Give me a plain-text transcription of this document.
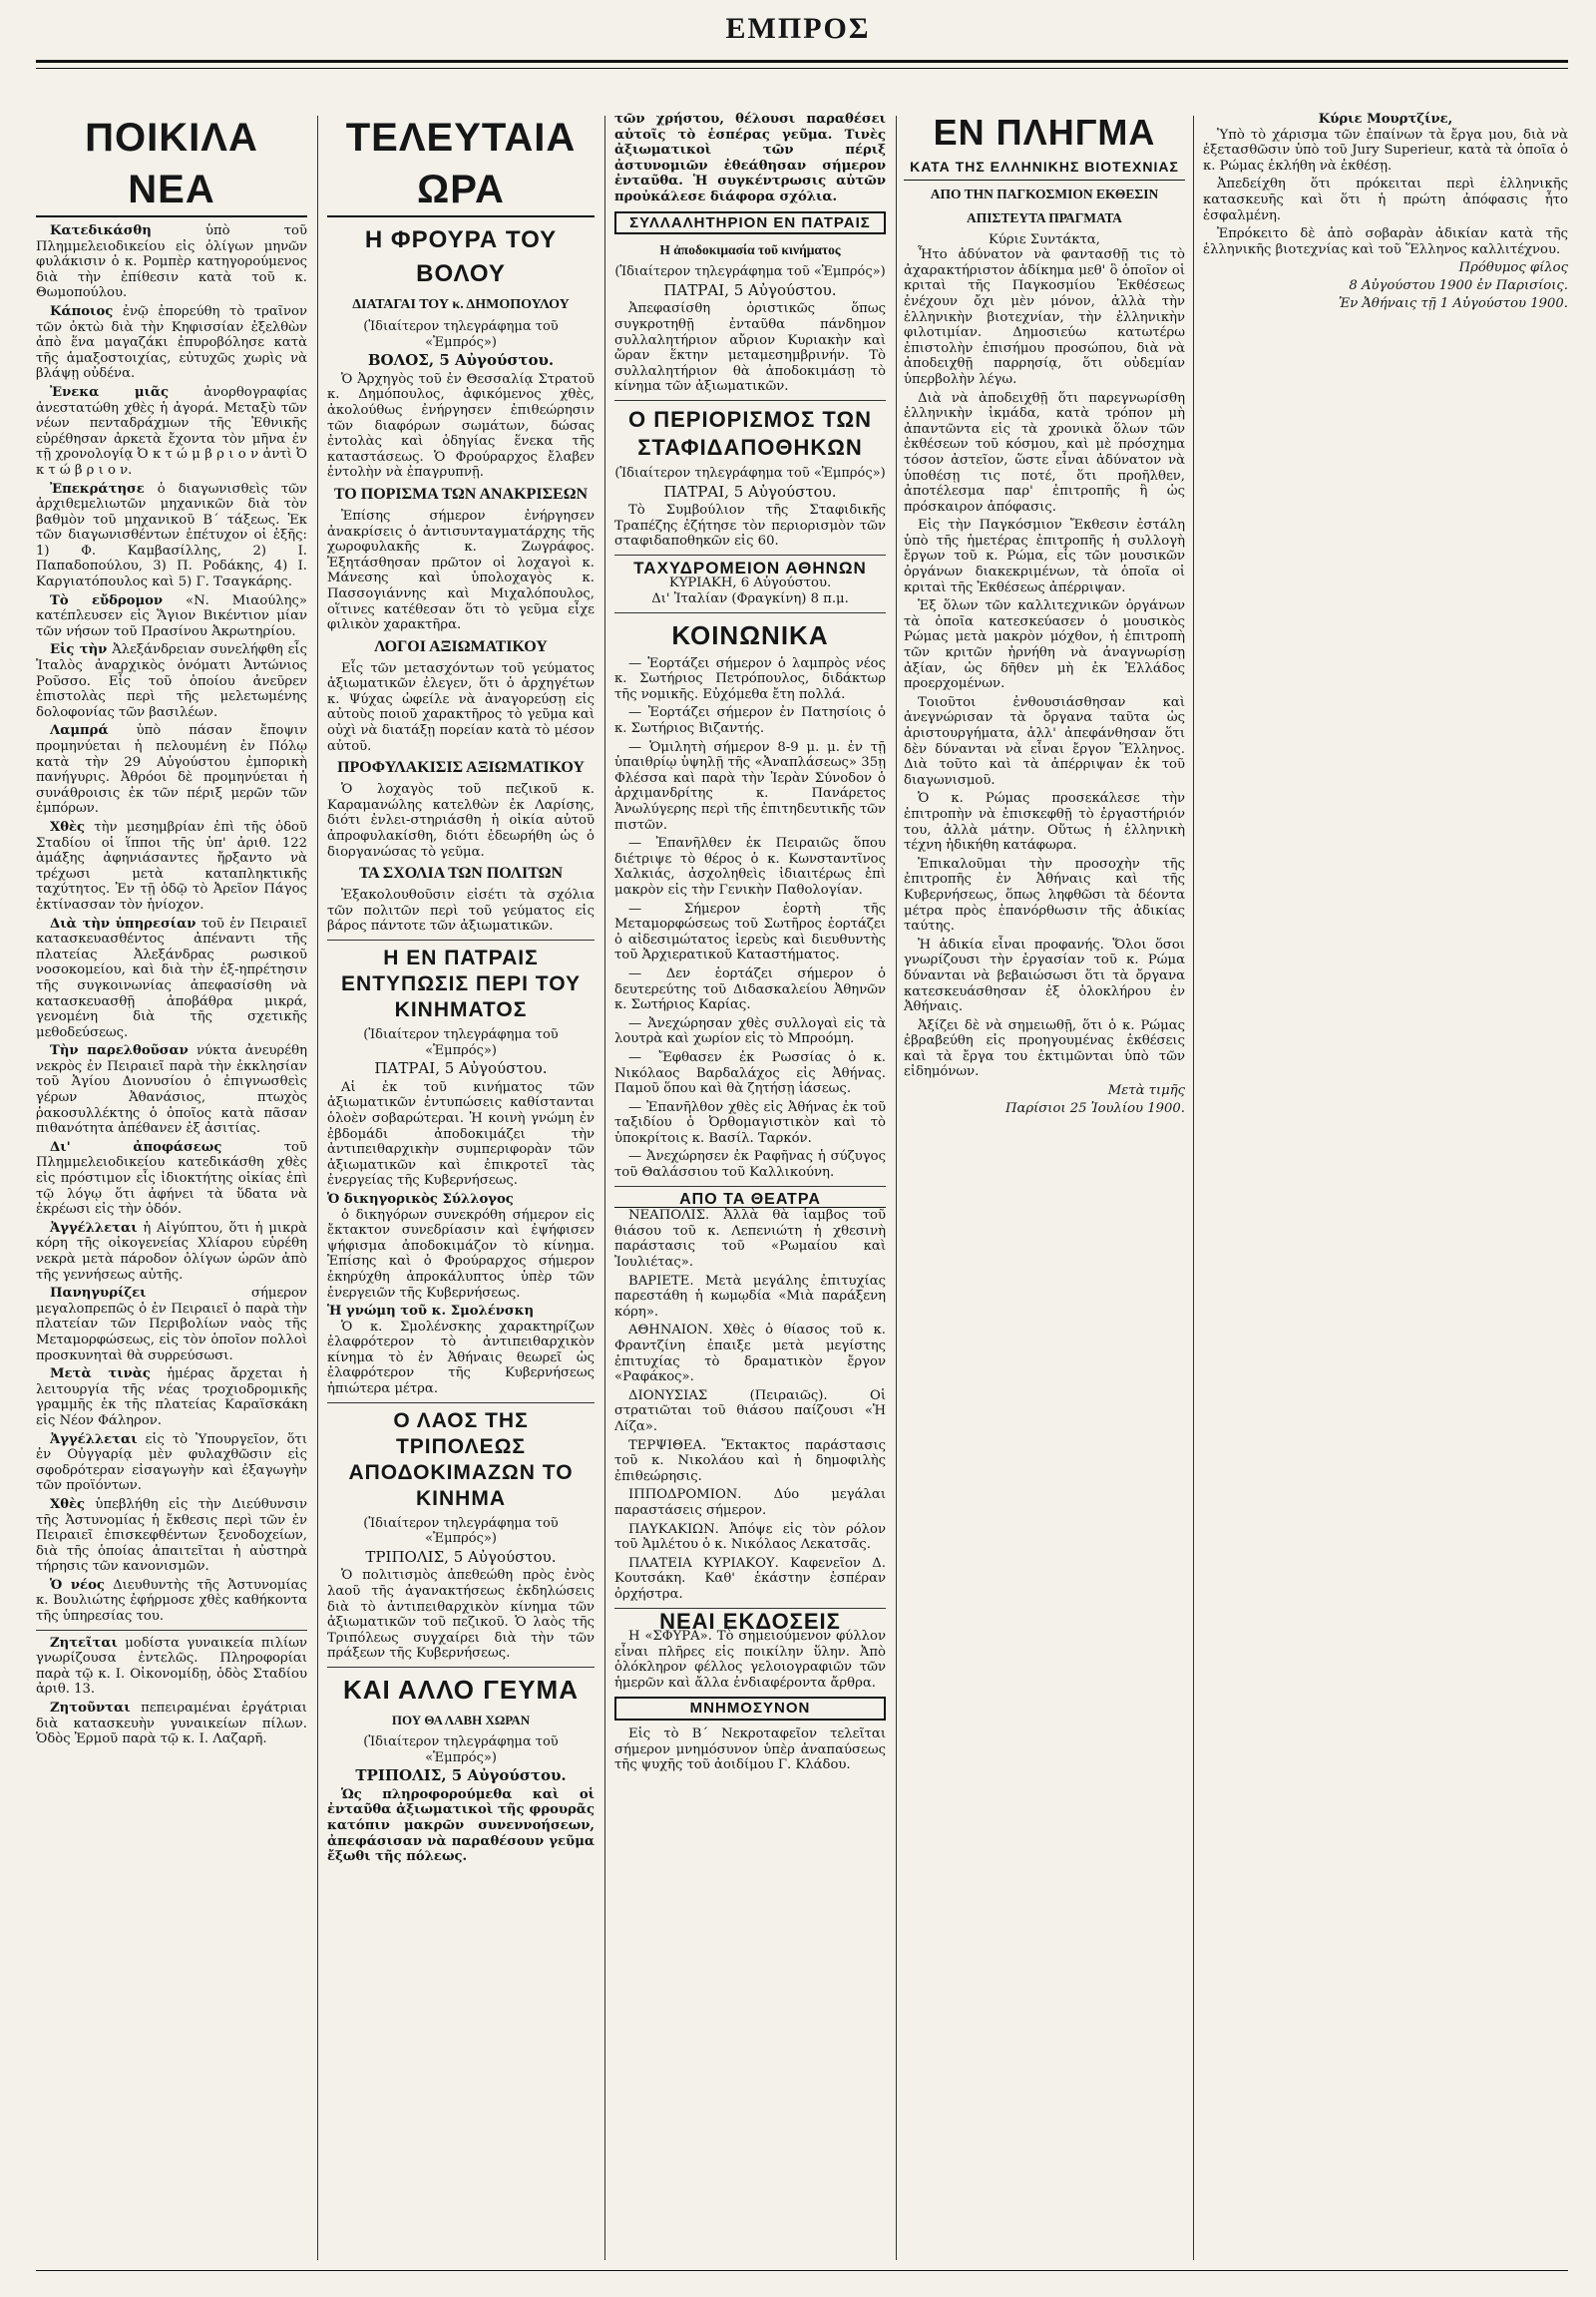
ΕΜΠΡΟΣ
ΠΟΙΚΙΛΑ ΝΕΑ

Κατεδικάσθη	ὑπὸ τοῦ Πλημμελειοδικείου εἰς ὀλίγων μηνῶν φυλάκισιν ὁ κ. Ρομπὲρ κατηγορούμενος διὰ τὴν ἐπίθεσιν κατὰ τοῦ κ. Θωμοπούλου.

Κάποιος ἐνῷ ἐπορεύθη τὸ τραῖνον τῶν ὀκτὼ διὰ τὴν Κηφισσίαν ἐξελθὼν ἀπὸ ἕνα μαγαζάκι ἐπυροβόλησε κατὰ τῆς ἁμαξοστοιχίας, εὐτυχῶς χωρὶς νὰ βλάψῃ οὐδένα.

Ἐνεκα μιᾶς	ἀνορθογραφίας ἀνεστατώθη χθὲς ἡ ἀγορά. Μεταξὺ τῶν νέων πενταδράχμων τῆς Ἐθνικῆς εὑρέθησαν ἀρκετὰ ἔχοντα τὸν μῆνα ἐν τῇ χρονολογίᾳ Ὀ κ τ ώ μ β ρ ι ο ν ἀντὶ Ὀ κ τ ώ β ρ ι ο ν.

Ἐπεκράτησε ὁ διαγωνισθεὶς τῶν ἀρχιθεμελιωτῶν μηχανικῶν διὰ τὸν βαθμὸν τοῦ μηχανικοῦ Β΄ τάξεως. Ἐκ τῶν διαγωνισθέντων ἐπέτυχον οἱ ἑξῆς: 1) Φ. Καμβασίλλης, 2) Ι. Παπαδοπούλου, 3) Π. Ροδάκης, 4) Ι. Καργιατόπουλος καὶ 5) Γ. Τσαγκάρης.

Τὸ εὔδρομον «Ν. Μιαούλης» κατέπλευσεν εἰς Ἅγιον Βικέντιον μίαν τῶν νήσων τοῦ Πρασίνου Ἀκρωτηρίου.

Εἰς τὴν Ἀλεξάνδρειαν συνελήφθη εἷς Ἰταλὸς ἀναρχικὸς ὀνόματι Ἀντώνιος Ροῦσσο. Εἶς τοῦ ὁποίου ἀνεῦρεν ἐπιστολὰς περὶ τῆς μελετωμένης δολοφονίας τῶν βασιλέων.

Λαμπρά ὑπὸ πάσαν ἔποψιν προμηνύεται ἡ πελουμένη ἐν Πόλῳ κατὰ τὴν 29 Αὐγούστου ἐμπορικὴ πανήγυρις. Ἀθρόοι δὲ προμηνύεται ἡ συνάθροισις ἐκ τῶν πέριξ μερῶν τῶν ἐμπόρων.

Χθὲς τὴν μεσημβρίαν ἐπὶ τῆς ὁδοῦ Σταδίου οἱ ἵπποι τῆς ὑπ' ἀριθ. 122 ἁμάξης ἀφηνιάσαντες ἤρξαντο νὰ τρέχωσι μετὰ καταπληκτικῆς ταχύτητος. Ἐν τῇ ὁδῷ τὸ Ἀρεῖον Πάγος ἐκτίνασσαν τὸν ἡνίοχον.

Διὰ τὴν ὑπηρεσίαν τοῦ ἐν Πειραιεῖ κατασκευασθέντος ἀπέναντι τῆς πλατείας Ἀλεξάνδρας ρωσικοῦ νοσοκομείου, καὶ διὰ τὴν ἐξ-ηπρέτησιν τῆς συγκοινωνίας ἀπεφασίσθη νὰ κατασκευασθῇ ἀποβάθρα μικρά, γενομένη διὰ τῆς σχετικῆς μεθοδεύσεως.

Τὴν παρελθοῦσαν νύκτα ἀνευρέθη νεκρὸς ἐν Πειραιεῖ παρὰ τὴν ἐκκλησίαν τοῦ Ἁγίου Διονυσίου ὁ ἐπιγνωσθεὶς γέρων Ἀθανάσιος, πτωχὸς ῥακοσυλλέκτης ὁ ὁποῖος κατὰ πᾶσαν πιθανότητα ἀπέθανεν ἐξ ἀσιτίας.

Δι' ἀποφάσεως	τοῦ Πλημμελειοδικείου κατεδικάσθη χθὲς εἰς πρόστιμον εἷς ἰδιοκτήτης οἰκίας ἐπὶ τῷ λόγῳ ὅτι ἀφήνει τὰ ὕδατα νὰ ἐκρέωσι εἰς τὴν ὁδόν.

Ἀγγέλλεται ἡ Αἰγύπτου, ὅτι ἡ μικρὰ κόρη τῆς οἰκογενείας Χλίαρου εὑρέθη νεκρὰ μετὰ πάροδον ὀλίγων ὡρῶν ἀπὸ τῆς γεννήσεως αὐτῆς.

Πανηγυρίζει	σήμερον μεγαλοπρεπῶς ὁ ἐν Πειραιεῖ ὁ παρὰ τὴν πλατείαν τῶν Περιβολίων ναὸς τῆς Μεταμορφώσεως, εἰς τὸν ὁποῖον πολλοὶ προσκυνηταὶ θὰ συρρεύσωσι.

Μετὰ τινὰς ἡμέρας ἄρχεται ἡ λειτουργία τῆς νέας τροχιοδρομικῆς γραμμῆς ἐκ τῆς πλατείας Καραϊσκάκη εἰς Νέον Φάληρον.

Ἀγγέλλεται εἰς τὸ Ὑπουργεῖον, ὅτι ἐν Οὐγγαρίᾳ μὲν φυλαχθῶσιν εἰς σφοδρότεραν εἰσαγωγὴν καὶ ἐξαγωγὴν τῶν προϊόντων.

Χθὲς ὑπεβλήθη εἰς τὴν Διεύθυνσιν τῆς Ἀστυνομίας ἡ ἔκθεσις περὶ τῶν ἐν Πειραιεῖ ἐπισκεφθέντων ξενοδοχείων, διὰ τῆς ὁποίας ἀπαιτεῖται ἡ αὐστηρὰ τήρησις τῶν κανονισμῶν.

Ὁ νέος Διευθυντὴς τῆς Ἀστυνομίας κ. Βουλιώτης ἐφήρμοσε χθὲς καθήκοντα τῆς ὑπηρεσίας του.

Ζητεῖται μοδίστα γυναικεία πιλίων γνωρίζουσα ἐντελῶς. Πληροφορίαι παρὰ τῷ κ. Ι. Οἰκονομίδῃ, ὁδὸς Σταδίου ἀριθ. 13.

Ζητοῦνται πεπειραμέναι ἐργάτριαι διὰ κατασκευὴν γυναικείων πίλων. Ὁδὸς Ἑρμοῦ παρὰ τῷ κ. Ι. Λαζαρῆ.

ΤΕΛΕΥΤΑΙΑ ΩΡΑ
Η ΦΡΟΥΡΑ ΤΟΥ ΒΟΛΟΥ
ΔΙΑΤΑΓΑΙ ΤΟΥ κ. ΔΗΜΟΠΟΥΛΟΥ
(Ἰδιαίτερον τηλεγράφημα τοῦ «Ἐμπρός»)
ΒΟΛΟΣ, 5 Αὐγούστου.

Ὁ Ἀρχηγὸς τοῦ ἐν Θεσσαλίᾳ Στρατοῦ κ. Δημόπουλος, ἀφικόμενος χθὲς, ἀκολούθως ἐνήργησεν ἐπιθεώρησιν τῶν διαφόρων σωμάτων, δώσας ἐντολὰς καὶ ὁδηγίας ἕνεκα τῆς καταστάσεως. Ὁ Φρούραρχος ἔλαβεν ἐντολὴν νὰ ἐπαγρυπνῇ.

ΤΟ ΠΟΡΙΣΜΑ ΤΩΝ ΑΝΑΚΡΙΣΕΩΝ

Ἐπίσης σήμερον ἐνήργησεν ἀνακρίσεις ὁ ἀντισυνταγματάρχης τῆς χωροφυλακῆς κ. Ζωγράφος. Ἐξητάσθησαν πρῶτον οἱ λοχαγοὶ κ. Μάνεσης καὶ ὑπολοχαγὸς κ. Πασσογιάννης καὶ Μιχαλόπουλος, οἵτινες κατέθεσαν ὅτι τὸ γεῦμα εἶχε φιλικὸν χαρακτῆρα.

ΛΟΓΟΙ ΑΞΙΩΜΑΤΙΚΟΥ

Εἷς τῶν μετασχόντων τοῦ γεύματος ἀξιωματικῶν ἐλεγεν, ὅτι ὁ ἀρχηγέτων κ. Ψύχας ὠφείλε νὰ ἀναγορεύσῃ εἰς αὐτοὺς ποιοῦ χαρακτῆρος τὸ γεῦμα καὶ οὐχὶ νὰ διατάξῃ πορείαν κατὰ τὸ μέσον αὐτοῦ.

ΠΡΟΦΥΛΑΚΙΣΙΣ ΑΞΙΩΜΑΤΙΚΟΥ

Ὁ λοχαγὸς τοῦ πεζικοῦ κ. Καραμανώλης κατελθὼν ἐκ Λαρίσης, διότι ἐνλει-στηριάσθη ἡ οἰκία αὐτοῦ ἀπροφυλακίσθη, διότι ἐδεωρήθη ὡς ὁ διοργανώσας τὸ γεῦμα.

ΤΑ ΣΧΟΛΙΑ ΤΩΝ ΠΟΛΙΤΩΝ

Ἐξακολουθοῦσιν εἰσέτι τὰ σχόλια τῶν πολιτῶν περὶ τοῦ γεύματος εἰς βάρος πάντοτε τῶν ἀξιωματικῶν.

Η ΕΝ ΠΑΤΡΑΙΣ ΕΝΤΥΠΩΣΙΣ ΠΕΡΙ ΤΟΥ ΚΙΝΗΜΑΤΟΣ
(Ἰδιαίτερον τηλεγράφημα τοῦ «Ἐμπρός»)
ΠΑΤΡΑΙ, 5 Αὐγούστου.

Αἱ ἐκ τοῦ κινήματος τῶν ἀξιωματικῶν ἐντυπώσεις καθίστανται ὁλοὲν σοβαρώτεραι. Ἡ κοινὴ γνώμη ἐν ἐβδομάδι ἀποδοκιμάζει τὴν ἀντιπειθαρχικὴν συμπεριφορὰν τῶν ἀξιωματικῶν καὶ ἐπικροτεῖ τὰς ἐνεργείας τῆς Κυβερνήσεως.

Ὁ δικηγορικὸς Σύλλογος

ὁ δικηγόρων συνεκρόθη σήμερον εἰς ἔκτακτον συνεδρίασιν καὶ ἐψήφισεν ψήφισμα ἀποδοκιμάζον τὸ κίνημα. Ἐπίσης καὶ ὁ Φρούραρχος σήμερον ἐκηρύχθη ἀπροκάλυπτος ὑπὲρ τῶν ἐνεργειῶν τῆς Κυβερνήσεως.

Ἡ γνώμη τοῦ κ. Σμολένσκη

Ὁ κ. Σμολένσκης χαρακτηρίζων ἐλαφρότερον τὸ ἀντιπειθαρχικὸν κίνημα τὸ ἐν Ἀθήναις θεωρεῖ ὡς ἐλαφρότερον τῆς Κυβερνήσεως ἠπιώτερα μέτρα.

Ο ΛΑΟΣ ΤΗΣ ΤΡΙΠΟΛΕΩΣ ΑΠΟΔΟΚΙΜΑΖΩΝ ΤΟ ΚΙΝΗΜΑ
(Ἰδιαίτερον τηλεγράφημα τοῦ «Ἐμπρός»)
ΤΡΙΠΟΛΙΣ, 5 Αὐγούστου.

Ὁ πολιτισμὸς ἀπεθεώθη πρὸς ἐνὸς λαοῦ τῆς ἀγανακτήσεως ἐκδηλώσεις διὰ τὸ ἀντιπειθαρχικὸν κίνημα τῶν ἀξιωματικῶν τοῦ πεζικοῦ. Ὁ λαὸς τῆς Τριπόλεως συγχαίρει διὰ τὴν τῶν πράξεων τῆς Κυβερνήσεως.

ΚΑΙ ΑΛΛΟ ΓΕΥΜΑ
ΠΟΥ ΘΑ ΛΑΒΗ ΧΩΡΑΝ
(Ἰδιαίτερον τηλεγράφημα τοῦ «Ἐμπρός»)
ΤΡΙΠΟΛΙΣ, 5 Αὐγούστου.

Ὡς πληροφορούμεθα καὶ οἱ ἐνταῦθα ἀξιωματικοὶ τῆς φρουρᾶς κατόπιν μακρῶν συνεννοήσεων, ἀπεφάσισαν νὰ παραθέσουν γεῦμα ἔξωθι τῆς πόλεως.

τῶν χρήστου, θέλουσι παραθέσει αὐτοῖς τὸ ἑσπέρας γεῦμα. Τινὲς ἀξιωματικοὶ τῶν πέριξ ἀστυνομιῶν ἐθεάθησαν σήμερον ἐνταῦθα. Ἡ συγκέντρωσις αὐτῶν προὐκάλεσε διάφορα σχόλια.

ΣΥΛΛΑΛΗΤΗΡΙΟΝ ΕΝ ΠΑΤΡΑΙΣ
Η ἀποδοκιμασία τοῦ κινήματος
(Ἰδιαίτερον τηλεγράφημα τοῦ «Ἐμπρός»)
ΠΑΤΡΑΙ, 5 Αὐγούστου.

Ἀπεφασίσθη ὁριστικῶς ὅπως συγκροτηθῇ ἐνταῦθα πάνδημον συλλαλητήριον αὔριον Κυριακὴν καὶ ὥραν ἕκτην μεταμεσημβρινήν. Τὸ συλλαλητήριον θὰ ἀποδοκιμάσῃ τὸ κίνημα τῶν ἀξιωματικῶν.

Ο ΠΕΡΙΟΡΙΣΜΟΣ ΤΩΝ ΣΤΑΦΙΔΑΠΟΘΗΚΩΝ
(Ἰδιαίτερον τηλεγράφημα τοῦ «Ἐμπρός»)
ΠΑΤΡΑΙ, 5 Αὐγούστου.

Τὸ Συμβούλιον τῆς Σταφιδικῆς Τραπέζης ἐζήτησε τὸν περιορισμὸν τῶν σταφιδαποθηκῶν εἰς 60.

ΤΑΧΥΔΡΟΜΕΙΟΝ ΑΘΗΝΩΝ
ΚΥΡΙΑΚΗ, 6 Αὐγούστου.
Δι' Ἰταλίαν (Φραγκίνη) 8 π.μ.
ΚΟΙΝΩΝΙΚΑ

— Ἑορτάζει σήμερον ὁ λαμπρὸς νέος κ. Σωτήριος Πετρόπουλος, διδάκτωρ τῆς νομικῆς. Εὐχόμεθα ἔτη πολλά.

— Ἑορτάζει σήμερον ἐν Πατησίοις ὁ κ. Σωτήριος Βιζαντής.

— Ὁμιλητὴ σήμερον 8-9 μ. μ. ἐν τῇ ὑπαιθρίῳ ὑψηλῇ τῆς «Ἀναπλάσεως» 35ῃ Φλέσσα καὶ παρὰ τὴν Ἱερὰν Σύνοδον ὁ ἀρχιμανδρίτης κ. Πανάρετος Ἀνωλύγερης περὶ τῆς ἐπιτηδευτικῆς τῶν πιστῶν.

— Ἐπανῆλθεν ἐκ Πειραιῶς ὅπου διέτριψε τὸ θέρος ὁ κ. Κωνσταντῖνος Χαλκιάς, ἀσχοληθεὶς ἰδιαιτέρως ἐπὶ μακρὸν εἰς τὴν Γενικὴν Παθολογίαν.

— Σήμερον ἑορτὴ τῆς Μεταμορφώσεως τοῦ Σωτῆρος ἑορτάζει ὁ αἰδεσιμώτατος ἱερεὺς καὶ διευθυντὴς τοῦ Ἀρχιερατικοῦ Καταστήματος.

— Δεν ἑορτάζει σήμερον ὁ δευτερεύτης τοῦ Διδασκαλείου Ἀθηνῶν κ. Σωτήριος Καρίας.

— Ἀνεχώρησαν χθὲς συλλογαὶ εἰς τὰ λουτρὰ καὶ χωρίον εἰς τὸ Μπροόμη.

— Ἔφθασεν ἐκ Ρωσσίας ὁ κ. Νικόλαος Βαρδαλάχος εἰς Ἀθήνας. Παμοῦ ὅπου καὶ θὰ ζητήσῃ ἰάσεως.

— Ἐπανῆλθον χθὲς εἰς Ἀθήνας ἐκ τοῦ ταξιδίου ὁ Ὀρθομαγιστικὸν καὶ τὸ ὑποκρίτοις κ. Βασίλ. Ταρκόν.

— Ἀνεχώρησεν ἐκ Ραφῆνας ἡ σύζυγος τοῦ Θαλάσσιου τοῦ Καλλικούνη.

ΑΠΟ ΤΑ ΘΕΑΤΡΑ

ΝΕΑΠΟΛΙΣ. Ἀλλὰ θὰ ἱαμβος τοῦ θιάσου τοῦ κ. Λεπενιώτη ἡ χθεσινὴ παράστασις τοῦ «Ρωμαίου καὶ Ἰουλιέτας».

ΒΑΡΙΕΤΕ. Μετὰ μεγάλης ἐπιτυχίας παρεστάθη ἡ κωμῳδία «Μιὰ παράξενη κόρη».

ΑΘΗΝΑΙΟΝ. Χθὲς ὁ θίασος τοῦ κ. Φραντζίνη ἐπαιξε μετὰ μεγίστης ἐπιτυχίας τὸ δραματικὸν ἔργον «Ραφάκος».

ΔΙΟΝΥΣΙΑΣ (Πειραιῶς). Οἱ στρατιῶται τοῦ θιάσου παίζουσι «Ἡ Λίζα».

ΤΕΡΨΙΘΕΑ. Ἔκτακτος παράστασις τοῦ κ. Νικολάου καὶ ἡ δημοφιλὴς ἐπιθεώρησις.

ΙΠΠΟΔΡΟΜΙΟΝ. Δύο μεγάλαι παραστάσεις σήμερον.

ΠΑΥΚΑΚΙΩΝ. Ἀπόψε εἰς τὸν ρόλον τοῦ Ἀμλέτου ὁ κ. Νικόλαος Λεκατσᾶς.

ΠΛΑΤΕΙΑ ΚΥΡΙΑΚΟΥ. Καφενεῖον Δ. Κουτσάκη. Καθ' ἑκάστην ἑσπέραν ὀρχήστρα.

ΝΕΑΙ ΕΚΔΟΣΕΙΣ

Η «ΣΦΥΡΑ». Τὸ σημειούμενον φύλλον εἶναι πλῆρες εἰς ποικίλην ὕλην. Ἀπὸ ὁλόκληρον φέλλος γελοιογραφιῶν τῶν ἡμερῶν καὶ ἄλλα ἐνδιαφέροντα ἄρθρα.

ΜΝΗΜΟΣΥΝΟΝ

Εἰς τὸ Β΄ Νεκροταφεῖον τελεῖται σήμερον μνημόσυνον ὑπὲρ ἀναπαύσεως τῆς ψυχῆς τοῦ ἀοιδίμου Γ. Κλάδου.

ΕΝ ΠΛΗΓΜΑ
ΚΑΤΑ ΤΗΣ ΕΛΛΗΝΙΚΗΣ ΒΙΟΤΕΧΝΙΑΣ
ΑΠΟ ΤΗΝ ΠΑΓΚΟΣΜΙΟΝ ΕΚΘΕΣΙΝ
ΑΠΙΣΤΕΥΤΑ ΠΡΑΓΜΑΤΑ
Κύριε Συντάκτα,

Ἦτο ἀδύνατον νὰ φαντασθῇ τις τὸ ἀχαρακτήριστον ἀδίκημα μεθ' ὃ ὁποῖον οἱ κριταὶ τῆς Παγκοσμίου Ἐκθέσεως ἐνέχουν ὄχι μὲν μόνον, ἀλλὰ τὴν ἑλληνικὴν βιοτεχνίαν, τὴν ἑλληνικὴν φιλοτιμίαν. Δημοσιεύω κατωτέρω ἐπιστολὴν ἐπισήμου προσώπου, διὰ νὰ ἀποδειχθῇ παρρησίᾳ, ὅτι οὐδεμίαν ὑπερβολὴν λέγω.

Διὰ νὰ ἀποδειχθῇ ὅτι παρεγνωρίσθη ἑλληνικὴν ἰκμάδα, κατὰ τρόπον μὴ ἀπαντῶντα εἰς τὰ χρονικὰ ὅλων τῶν ἐκθέσεων τοῦ κόσμου, καὶ μὲ πρόσχημα τόσον ἀστεῖον, ὥστε εἶναι ἀδύνατον νὰ ὑποθέσῃ τις ποτέ, ὅτι προῆλθεν, ἀποτέλεσμα παρ' ἐπιτροπῆς ἢ ὡς πρόσκαιρον ἀπόφασις.

Εἰς τὴν Παγκόσμιον Ἔκθεσιν ἐστάλη ὑπὸ τῆς ἡμετέρας ἐπιτροπῆς ἡ συλλογὴ ἔργων τοῦ κ. Ρώμα, εἷς τῶν μουσικῶν ὀργάνων διακεκριμένων, τὰ ὁποῖα οἱ κριταὶ τῆς Ἐκθέσεως ἀπέρριψαν.

Ἐξ ὅλων τῶν καλλιτεχνικῶν ὀργάνων τὰ ὁποῖα κατεσκεύασεν ὁ μουσικὸς Ρώμας μετὰ μακρὸν μόχθον, ἡ ἐπιτροπὴ τῶν κριτῶν ἠρνήθη νὰ ἀναγνωρίσῃ ἀξίαν, ὡς δῆθεν μὴ ἐκ Ἑλλάδος προερχομένων.

Τοιοῦτοι ἐνθουσιάσθησαν καὶ ἀνεγνώρισαν τὰ ὄργανα ταῦτα ὡς ἀριστουργήματα, ἀλλ' ἀπεφάνθησαν ὅτι δὲν δύνανται νὰ εἶναι ἔργον Ἕλληνος. Διὰ τοῦτο καὶ τὰ ἀπέρριψαν ἐκ τοῦ διαγωνισμοῦ.

Ὁ κ. Ρώμας προσεκάλεσε τὴν ἐπιτροπὴν νὰ ἐπισκεφθῇ τὸ ἐργαστήριόν του, ἀλλὰ μάτην. Οὕτως ἡ ἑλληνικὴ τέχνη ἠδικήθη κατάφωρα.

Ἐπικαλοῦμαι τὴν προσοχὴν τῆς ἐπιτροπῆς ἐν Ἀθήναις καὶ τῆς Κυβερνήσεως, ὅπως ληφθῶσι τὰ δέοντα μέτρα πρὸς ἐπανόρθωσιν τῆς ἀδικίας ταύτης.

Ἡ ἀδικία εἶναι προφανής. Ὅλοι ὅσοι γνωρίζουσι τὴν ἐργασίαν τοῦ κ. Ρώμα δύνανται νὰ βεβαιώσωσι ὅτι τὰ ὄργανα κατεσκευάσθησαν ἐξ ὁλοκλήρου ἐν Ἀθήναις.

Ἀξίζει δὲ νὰ σημειωθῇ, ὅτι ὁ κ. Ρώμας ἐβραβεύθη εἰς προηγουμένας ἐκθέσεις καὶ τὰ ἔργα του ἐκτιμῶνται ὑπὸ τῶν εἰδημόνων.

Μετὰ τιμῆς
Παρίσιοι 25 Ἰουλίου 1900.
Κύριε Μουρτζίνε,

Ὑπὸ τὸ χάρισμα τῶν ἐπαίνων τὰ ἔργα μου, διὰ νὰ ἐξετασθῶσιν ὑπὸ τοῦ Jury Superieur, κατὰ τὰ ὁποῖα ὁ κ. Ρώμας ἐκλήθη νὰ ἐκθέσῃ.

Ἀπεδείχθη ὅτι πρόκειται περὶ ἑλληνικῆς κατασκευῆς καὶ ὅτι ἡ πρώτη ἀπόφασις ἦτο ἐσφαλμένη.

Ἐπρόκειτο δὲ ἀπὸ σοβαρὰν ἀδικίαν κατὰ τῆς ἑλληνικῆς βιοτεχνίας καὶ τοῦ Ἕλληνος καλλιτέχνου.

Πρόθυμος φίλος
8 Αὐγούστου 1900 ἐν Παρισίοις.
Ἐν Ἀθήναις τῇ 1 Αὐγούστου 1900.
